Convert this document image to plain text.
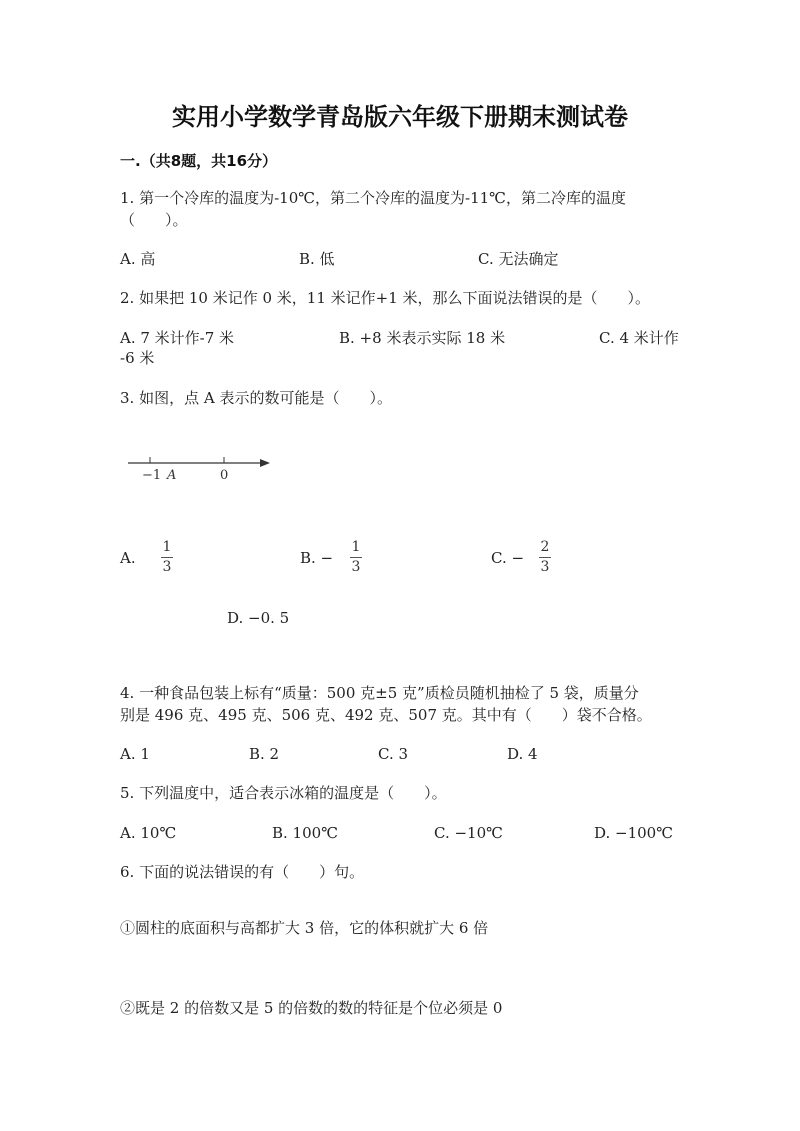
实用小学数学青岛版六年级下册期末测试卷
一.（共8题，共16分）
1. 第一个冷库的温度为-10℃，第二个冷库的温度为-11℃，第二冷库的温度
（　　）。
A. 高	B. 低	C. 无法确定
2. 如果把 10 米记作 0 米，11 米记作+1 米，那么下面说法错误的是（　　）。
A. 7 米计作-7 米	B. +8 米表示实际 18 米	C. 4 米计作
-6 米
3. 如图，点 A 表示的数可能是（　　）。
−1 A	0
A.
1
3	B. −
1
3	C. −
2
3
D. −0. 5
4. 一种食品包装上标有“质量：500 克±5 克”质检员随机抽检了 5 袋，质量分
别是 496 克、495 克、506 克、492 克、507 克。其中有（　　）袋不合格。
A. 1	B. 2	C. 3	D. 4
5. 下列温度中，适合表示冰箱的温度是（　　）。
A. 10℃	B. 100℃	C. −10℃	D. −100℃
6. 下面的说法错误的有（　　）句。
①圆柱的底面积与高都扩大 3 倍，它的体积就扩大 6 倍
②既是 2 的倍数又是 5 的倍数的数的特征是个位必须是 0
